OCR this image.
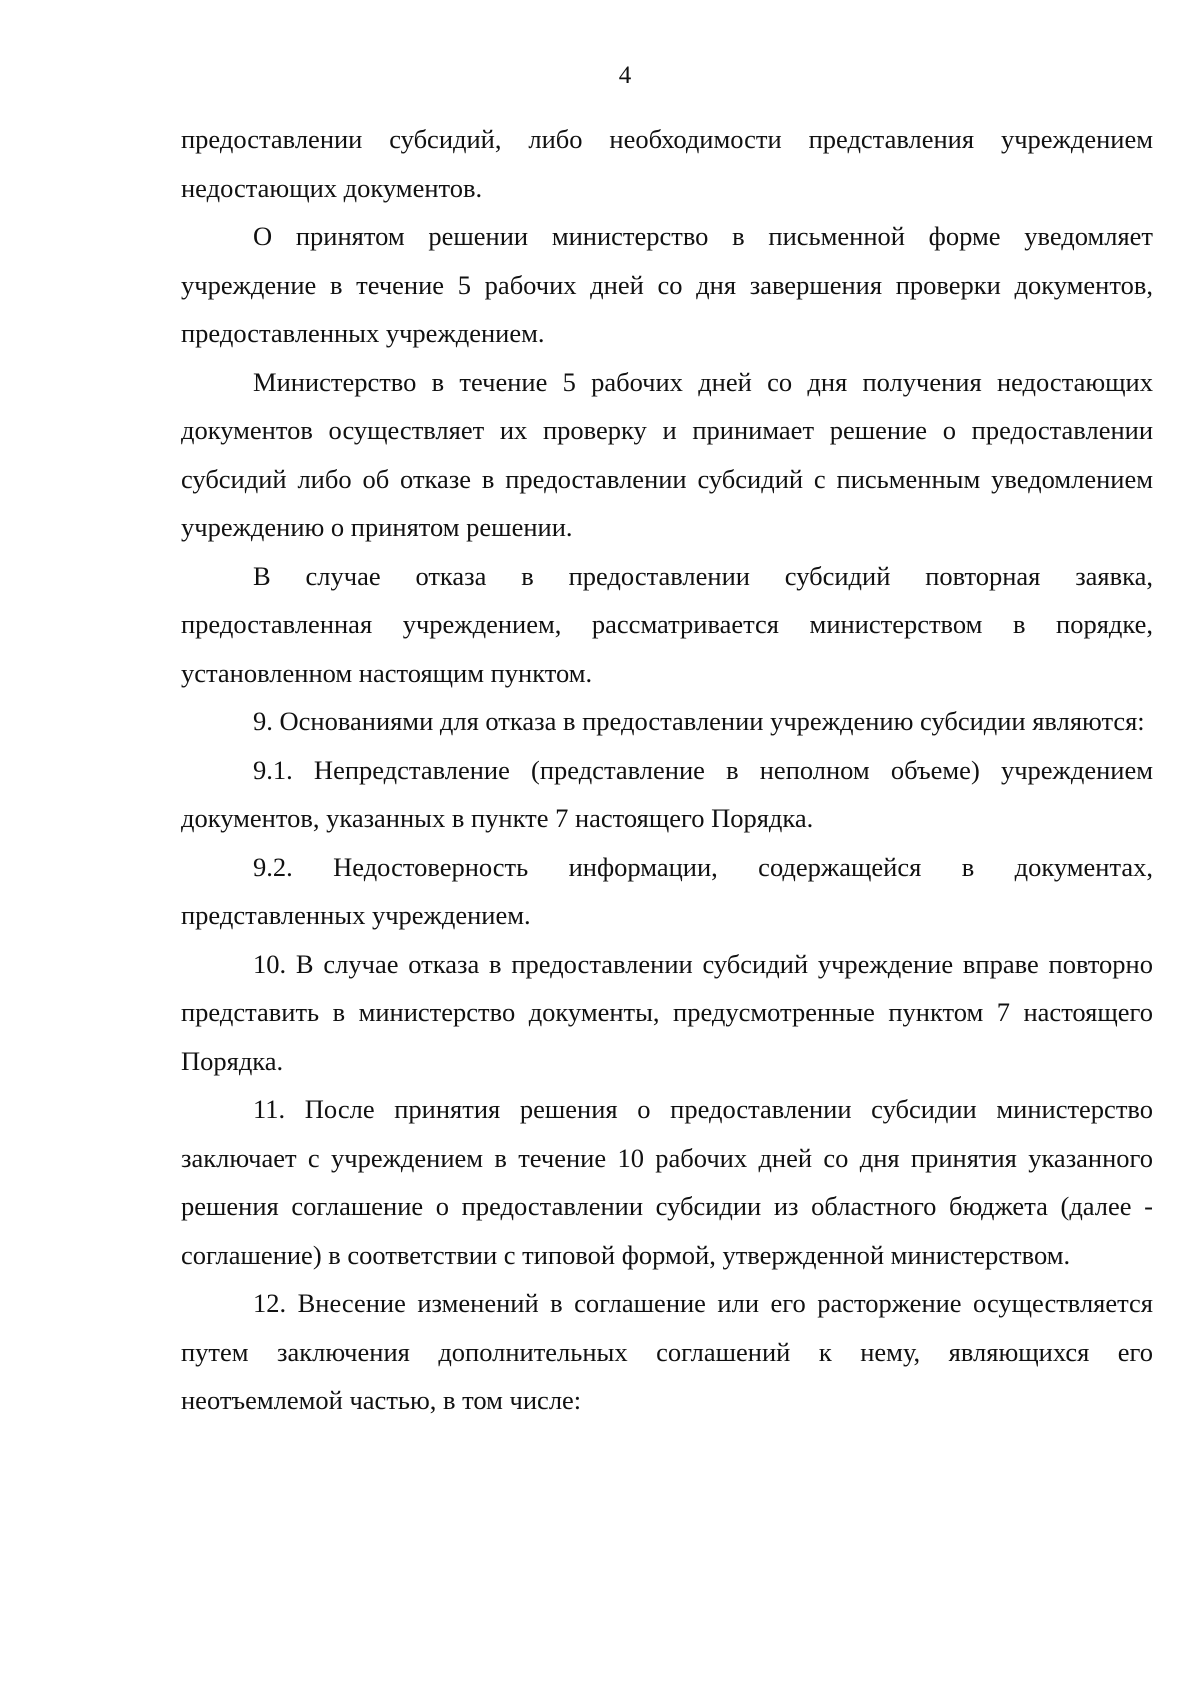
4

предоставлении субсидий, либо необходимости представления учреждением недостающих документов.

О принятом решении министерство в письменной форме уведомляет учреждение в течение 5 рабочих дней со дня завершения проверки документов, предоставленных учреждением.

Министерство в течение 5 рабочих дней со дня получения недостающих документов осуществляет их проверку и принимает решение о предоставлении субсидий либо об отказе в предоставлении субсидий с письменным уведомлением учреждению о принятом решении.

В случае отказа в предоставлении субсидий повторная заявка, предоставленная учреждением, рассматривается министерством в порядке, установленном настоящим пунктом.

9. Основаниями для отказа в предоставлении учреждению субсидии являются:

9.1. Непредставление (представление в неполном объеме) учреждением документов, указанных в пункте 7 настоящего Порядка.

9.2. Недостоверность информации, содержащейся в документах, представленных учреждением.

10. В случае отказа в предоставлении субсидий учреждение вправе повторно представить в министерство документы, предусмотренные пунктом 7 настоящего Порядка.

11. После принятия решения о предоставлении субсидии министерство заключает с учреждением в течение 10 рабочих дней со дня принятия указанного решения соглашение о предоставлении субсидии из областного бюджета (далее - соглашение) в соответствии с типовой формой, утвержденной министерством.

12. Внесение изменений в соглашение или его расторжение осуществляется путем заключения дополнительных соглашений к нему, являющихся его неотъемлемой частью, в том числе:
